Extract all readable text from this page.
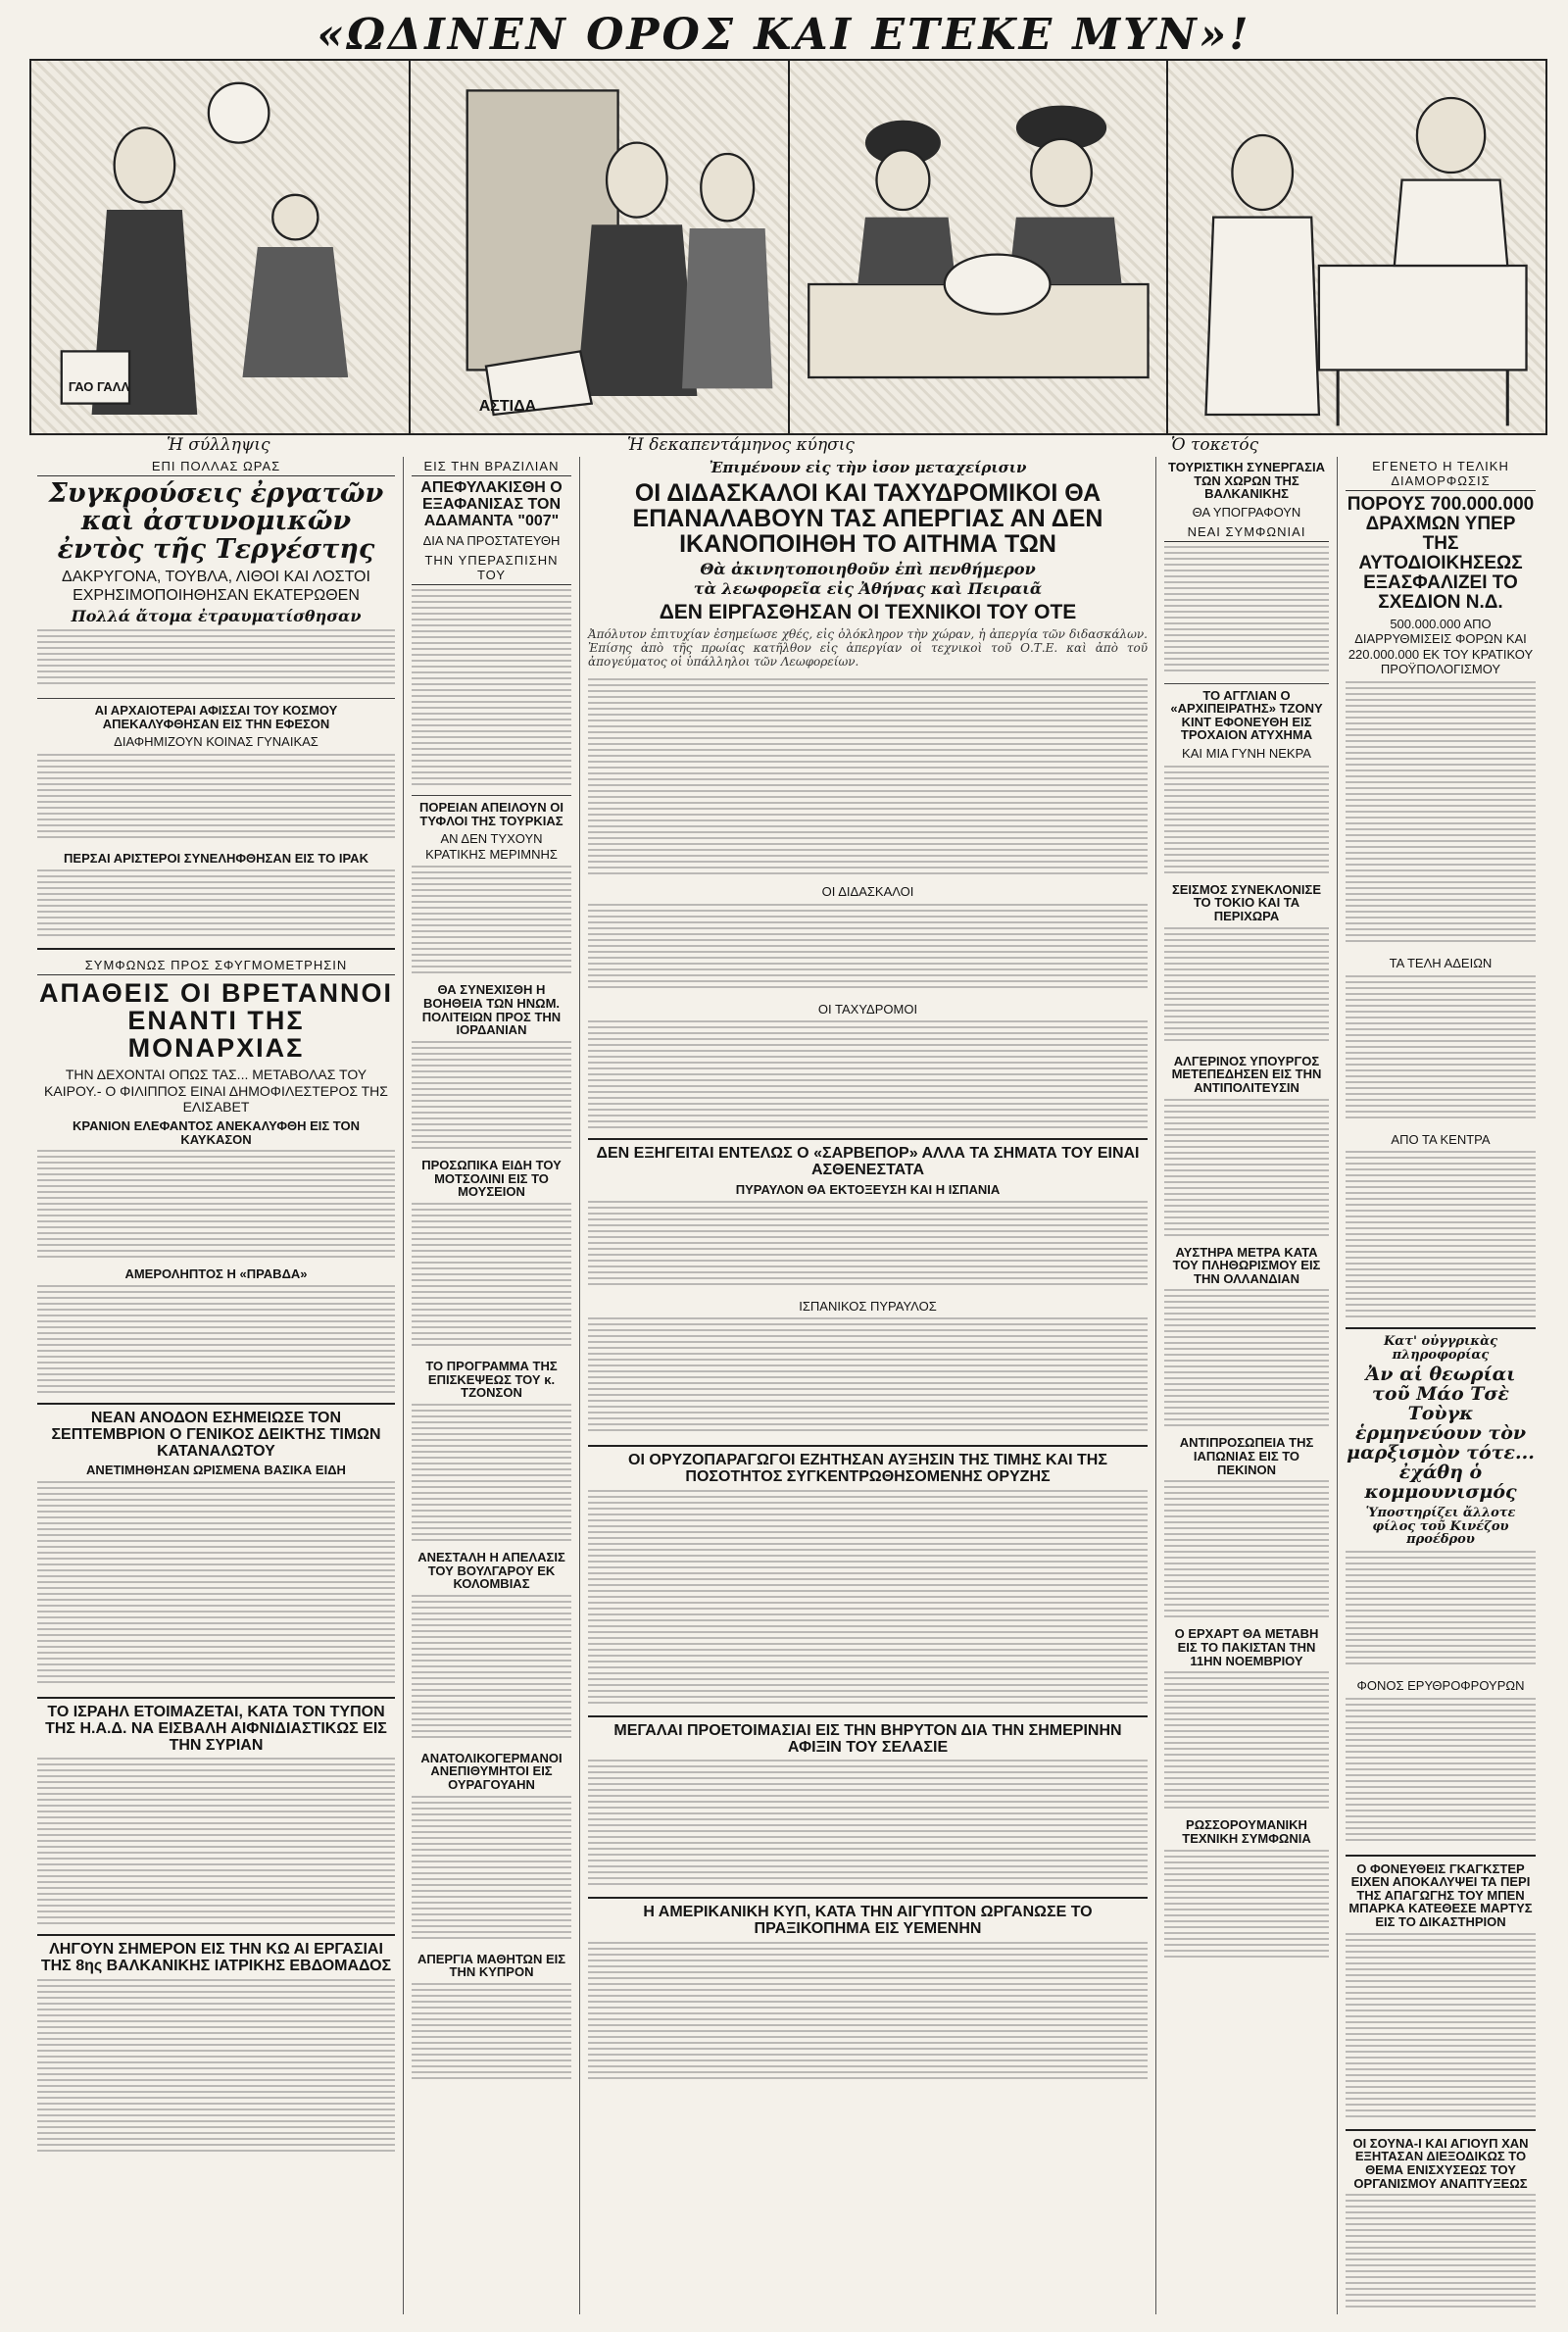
«ΩΔΙΝΕΝ ΟΡΟΣ ΚΑΙ ΕΤΕΚΕ ΜΥΝ»!
ΓΑΟ ΓΑΛΛ
ΑΣΤΙΔΑ
Ἡ σύλληψις	Ἡ δεκαπεντάμηνος κύησις	Ὁ τοκετός
ΕΠΙ ΠΟΛΛΑΣ ΩΡΑΣ
Συγκρούσεις ἐργατῶν καὶ ἀστυνομικῶν ἐντὸς τῆς Τεργέστης
ΔΑΚΡΥΓΟΝΑ, ΤΟΥΒΛΑ, ΛΙΘΟΙ ΚΑΙ ΛΟΣΤΟΙ ΕΧΡΗΣΙΜΟΠΟΙΗΘΗΣΑΝ ΕΚΑΤΕΡΩΘΕΝ
Πολλά ἄτομα ἐτραυματίσθησαν
ΑΙ ΑΡΧΑΙΟΤΕΡΑΙ ΑΦΙΣΣΑΙ ΤΟΥ ΚΟΣΜΟΥ ΑΠΕΚΑΛΥΦΘΗΣΑΝ ΕΙΣ ΤΗΝ ΕΦΕΣΟΝ
ΔΙΑΦΗΜΙΖΟΥΝ ΚΟΙΝΑΣ ΓΥΝΑΙΚΑΣ
ΠΕΡΣΑΙ ΑΡΙΣΤΕΡΟΙ ΣΥΝΕΛΗΦΘΗΣΑΝ ΕΙΣ ΤΟ ΙΡΑΚ
ΣΥΜΦΩΝΩΣ ΠΡΟΣ ΣΦΥΓΜΟΜΕΤΡΗΣΙΝ
ΑΠΑΘΕΙΣ ΟΙ ΒΡΕΤΑΝΝΟΙ ΕΝΑΝΤΙ ΤΗΣ ΜΟΝΑΡΧΙΑΣ
ΤΗΝ ΔΕΧΟΝΤΑΙ ΟΠΩΣ ΤΑΣ... ΜΕΤΑΒΟΛΑΣ ΤΟΥ ΚΑΙΡΟΥ.- Ο ΦΙΛΙΠΠΟΣ ΕΙΝΑΙ ΔΗΜΟΦΙΛΕΣΤΕΡΟΣ ΤΗΣ ΕΛΙΣΑΒΕΤ
ΚΡΑΝΙΟΝ ΕΛΕΦΑΝΤΟΣ ΑΝΕΚΑΛΥΦΘΗ ΕΙΣ ΤΟΝ ΚΑΥΚΑΣΟΝ
ΑΜΕΡΟΛΗΠΤΟΣ Η «ΠΡΑΒΔΑ»
ΝΕΑΝ ΑΝΟΔΟΝ ΕΣΗΜΕΙΩΣΕ ΤΟΝ ΣΕΠΤΕΜΒΡΙΟΝ Ο ΓΕΝΙΚΟΣ ΔΕΙΚΤΗΣ ΤΙΜΩΝ ΚΑΤΑΝΑΛΩΤΟΥ
ΑΝΕΤΙΜΗΘΗΣΑΝ ΩΡΙΣΜΕΝΑ ΒΑΣΙΚΑ ΕΙΔΗ
ΤΟ ΙΣΡΑΗΛ ΕΤΟΙΜΑΖΕΤΑΙ, ΚΑΤΑ ΤΟΝ ΤΥΠΟΝ ΤΗΣ Η.Α.Δ. ΝΑ ΕΙΣΒΑΛΗ ΑΙΦΝΙΔΙΑΣΤΙΚΩΣ ΕΙΣ ΤΗΝ ΣΥΡΙΑΝ
ΛΗΓΟΥΝ ΣΗΜΕΡΟΝ ΕΙΣ ΤΗΝ ΚΩ ΑΙ ΕΡΓΑΣΙΑΙ ΤΗΣ 8ης ΒΑΛΚΑΝΙΚΗΣ ΙΑΤΡΙΚΗΣ ΕΒΔΟΜΑΔΟΣ
ΕΙΣ ΤΗΝ ΒΡΑΖΙΛΙΑΝ
ΑΠΕΦΥΛΑΚΙΣΘΗ Ο ΕΞΑΦΑΝΙΣΑΣ ΤΟΝ ΑΔΑΜΑΝΤΑ "007"
ΔΙΑ ΝΑ ΠΡΟΣΤΑΤΕΥΘΗ
ΤΗΝ ΥΠΕΡΑΣΠΙΣΗΝ ΤΟΥ
ΠΟΡΕΙΑΝ ΑΠΕΙΛΟΥΝ ΟΙ ΤΥΦΛΟΙ ΤΗΣ ΤΟΥΡΚΙΑΣ
ΑΝ ΔΕΝ ΤΥΧΟΥΝ ΚΡΑΤΙΚΗΣ ΜΕΡΙΜΝΗΣ
ΘΑ ΣΥΝΕΧΙΣΘΗ Η ΒΟΗΘΕΙΑ ΤΩΝ ΗΝΩΜ. ΠΟΛΙΤΕΙΩΝ ΠΡΟΣ ΤΗΝ ΙΟΡΔΑΝΙΑΝ
ΠΡΟΣΩΠΙΚΑ ΕΙΔΗ ΤΟΥ ΜΟΤΣΟΛΙΝΙ ΕΙΣ ΤΟ ΜΟΥΣΕΙΟΝ
ΤΟ ΠΡΟΓΡΑΜΜΑ ΤΗΣ ΕΠΙΣΚΕΨΕΩΣ ΤΟΥ κ. ΤΖΟΝΣΟΝ
ΑΝΕΣΤΑΛΗ Η ΑΠΕΛΑΣΙΣ ΤΟΥ ΒΟΥΛΓΑΡΟΥ ΕΚ ΚΟΛΟΜΒΙΑΣ
ΑΝΑΤΟΛΙΚΟΓΕΡΜΑΝΟΙ ΑΝΕΠΙΘΥΜΗΤΟΙ ΕΙΣ ΟΥΡΑΓΟΥΑΗΝ
ΑΠΕΡΓΙΑ ΜΑΘΗΤΩΝ ΕΙΣ ΤΗΝ ΚΥΠΡΟΝ
Ἐπιμένουν εἰς τὴν ἰσον μεταχείρισιν
ΟΙ ΔΙΔΑΣΚΑΛΟΙ ΚΑΙ ΤΑΧΥΔΡΟΜΙΚΟΙ ΘΑ ΕΠΑΝΑΛΑΒΟΥΝ ΤΑΣ ΑΠΕΡΓΙΑΣ ΑΝ ΔΕΝ ΙΚΑΝΟΠΟΙΗΘΗ ΤΟ ΑΙΤΗΜΑ ΤΩΝ
Θὰ ἀκινητοποιηθοῦν ἐπὶ πενθήμερον
τὰ λεωφορεῖα εἰς Ἀθήνας καὶ Πειραιᾶ
ΔΕΝ ΕΙΡΓΑΣΘΗΣΑΝ ΟΙ ΤΕΧΝΙΚΟΙ ΤΟΥ ΟΤΕ
Ἀπόλυτον ἐπιτυχίαν ἐσημείωσε χθές, εἰς ὁλόκληρον τὴν χώραν, ἡ ἀπεργία τῶν διδασκάλων. Ἐπίσης ἀπὸ τῆς πρωίας κατῆλθον εἰς ἀπεργίαν οἱ τεχνικοὶ τοῦ Ο.Τ.Ε. καὶ ἀπὸ τοῦ ἀπογεύματος οἱ ὑπάλληλοι τῶν Λεωφορείων.
ΟΙ ΔΙΔΑΣΚΑΛΟΙ
ΟΙ ΤΑΧΥΔΡΟΜΟΙ
ΔΕΝ ΕΞΗΓΕΙΤΑΙ ΕΝΤΕΛΩΣ Ο «ΣΑΡΒΕΠΟΡ» ΑΛΛΑ ΤΑ ΣΗΜΑΤΑ ΤΟΥ ΕΙΝΑΙ ΑΣΘΕΝΕΣΤΑΤΑ
ΠΥΡΑΥΛΟΝ ΘΑ ΕΚΤΟΞΕΥΣΗ ΚΑΙ Η ΙΣΠΑΝΙΑ
ΙΣΠΑΝΙΚΟΣ ΠΥΡΑΥΛΟΣ
ΟΙ ΟΡΥΖΟΠΑΡΑΓΩΓΟΙ ΕΖΗΤΗΣΑΝ ΑΥΞΗΣΙΝ ΤΗΣ ΤΙΜΗΣ ΚΑΙ ΤΗΣ ΠΟΣΟΤΗΤΟΣ ΣΥΓΚΕΝΤΡΩΘΗΣΟΜΕΝΗΣ ΟΡΥΖΗΣ
ΜΕΓΑΛΑΙ ΠΡΟΕΤΟΙΜΑΣΙΑΙ ΕΙΣ ΤΗΝ ΒΗΡΥΤΟΝ ΔΙΑ ΤΗΝ ΣΗΜΕΡΙΝΗΝ ΑΦΙΞΙΝ ΤΟΥ ΣΕΛΑΣΙΕ
Η ΑΜΕΡΙΚΑΝΙΚΗ ΚΥΠ, ΚΑΤΑ ΤΗΝ ΑΙΓΥΠΤΟΝ ΩΡΓΑΝΩΣΕ ΤΟ ΠΡΑΞΙΚΟΠΗΜΑ ΕΙΣ ΥΕΜΕΝΗΝ
ΤΟΥΡΙΣΤΙΚΗ ΣΥΝΕΡΓΑΣΙΑ ΤΩΝ ΧΩΡΩΝ ΤΗΣ ΒΑΛΚΑΝΙΚΗΣ
ΘΑ ΥΠΟΓΡΑΦΟΥΝ
ΝΕΑΙ ΣΥΜΦΩΝΙΑΙ
ΤΟ ΑΓΓΛΙΑΝ Ο «ΑΡΧΙΠΕΙΡΑΤΗΣ» ΤΖΟΝΥ ΚΙΝΤ ΕΦΟΝΕΥΘΗ ΕΙΣ ΤΡΟΧΑΙΟΝ ΑΤΥΧΗΜΑ
ΚΑΙ ΜΙΑ ΓΥΝΗ ΝΕΚΡΑ
ΣΕΙΣΜΟΣ ΣΥΝΕΚΛΟΝΙΣΕ ΤΟ ΤΟΚΙΟ ΚΑΙ ΤΑ ΠΕΡΙΧΩΡΑ
ΑΛΓΕΡΙΝΟΣ ΥΠΟΥΡΓΟΣ ΜΕΤΕΠΕΔΗΣΕΝ ΕΙΣ ΤΗΝ ΑΝΤΙΠΟΛΙΤΕΥΣΙΝ
ΑΥΣΤΗΡΑ ΜΕΤΡΑ ΚΑΤΑ ΤΟΥ ΠΛΗΘΩΡΙΣΜΟΥ ΕΙΣ ΤΗΝ ΟΛΛΑΝΔΙΑΝ
ΑΝΤΙΠΡΟΣΩΠΕΙΑ ΤΗΣ ΙΑΠΩΝΙΑΣ ΕΙΣ ΤΟ ΠΕΚΙΝΟΝ
Ο ΕΡΧΑΡΤ ΘΑ ΜΕΤΑΒΗ ΕΙΣ ΤΟ ΠΑΚΙΣΤΑΝ ΤΗΝ 11ΗΝ ΝΟΕΜΒΡΙΟΥ
ΡΩΣΣΟΡΟΥΜΑΝΙΚΗ ΤΕΧΝΙΚΗ ΣΥΜΦΩΝΙΑ
ΕΓΕΝΕΤΟ Η ΤΕΛΙΚΗ ΔΙΑΜΟΡΦΩΣΙΣ
ΠΟΡΟΥΣ 700.000.000 ΔΡΑΧΜΩΝ ΥΠΕΡ ΤΗΣ ΑΥΤΟΔΙΟΙΚΗΣΕΩΣ ΕΞΑΣΦΑΛΙΖΕΙ ΤΟ ΣΧΕΔΙΟΝ Ν.Δ.
500.000.000 ΑΠΟ ΔΙΑΡΡΥΘΜΙΣΕΙΣ ΦΟΡΩΝ ΚΑΙ 220.000.000 ΕΚ ΤΟΥ ΚΡΑΤΙΚΟΥ ΠΡΟΫΠΟΛΟΓΙΣΜΟΥ
ΤΑ ΤΕΛΗ ΑΔΕΙΩΝ
ΑΠΟ ΤΑ ΚΕΝΤΡΑ
Κατ' οὐγγρικὰς πληροφορίας
Ἀν αἱ θεωρίαι τοῦ Μάο Τσὲ Τοὺγκ ἑρμηνεύουν τὸν μαρξισμὸν τότε... ἐχάθη ὁ κομμουνισμός
Ὑποστηρίζει ἄλλοτε φίλος τοῦ Κινέζου προέδρου
ΦΟΝΟΣ ΕΡΥΘΡΟΦΡΟΥΡΩΝ
Ο ΦΟΝΕΥΘΕΙΣ ΓΚΑΓΚΣΤΕΡ ΕΙΧΕΝ ΑΠΟΚΑΛΥΨΕΙ ΤΑ ΠΕΡΙ ΤΗΣ ΑΠΑΓΩΓΗΣ ΤΟΥ ΜΠΕΝ ΜΠΑΡΚΑ ΚΑΤΕΘΕΣΕ ΜΑΡΤΥΣ ΕΙΣ ΤΟ ΔΙΚΑΣΤΗΡΙΟΝ
ΟΙ ΣΟΥΝΑ-Ι ΚΑΙ ΑΓΙΟΥΠ ΧΑΝ ΕΞΗΤΑΣΑΝ ΔΙΕΞΟΔΙΚΩΣ ΤΟ ΘΕΜΑ ΕΝΙΣΧΥΣΕΩΣ ΤΟΥ ΟΡΓΑΝΙΣΜΟΥ ΑΝΑΠΤΥΞΕΩΣ
